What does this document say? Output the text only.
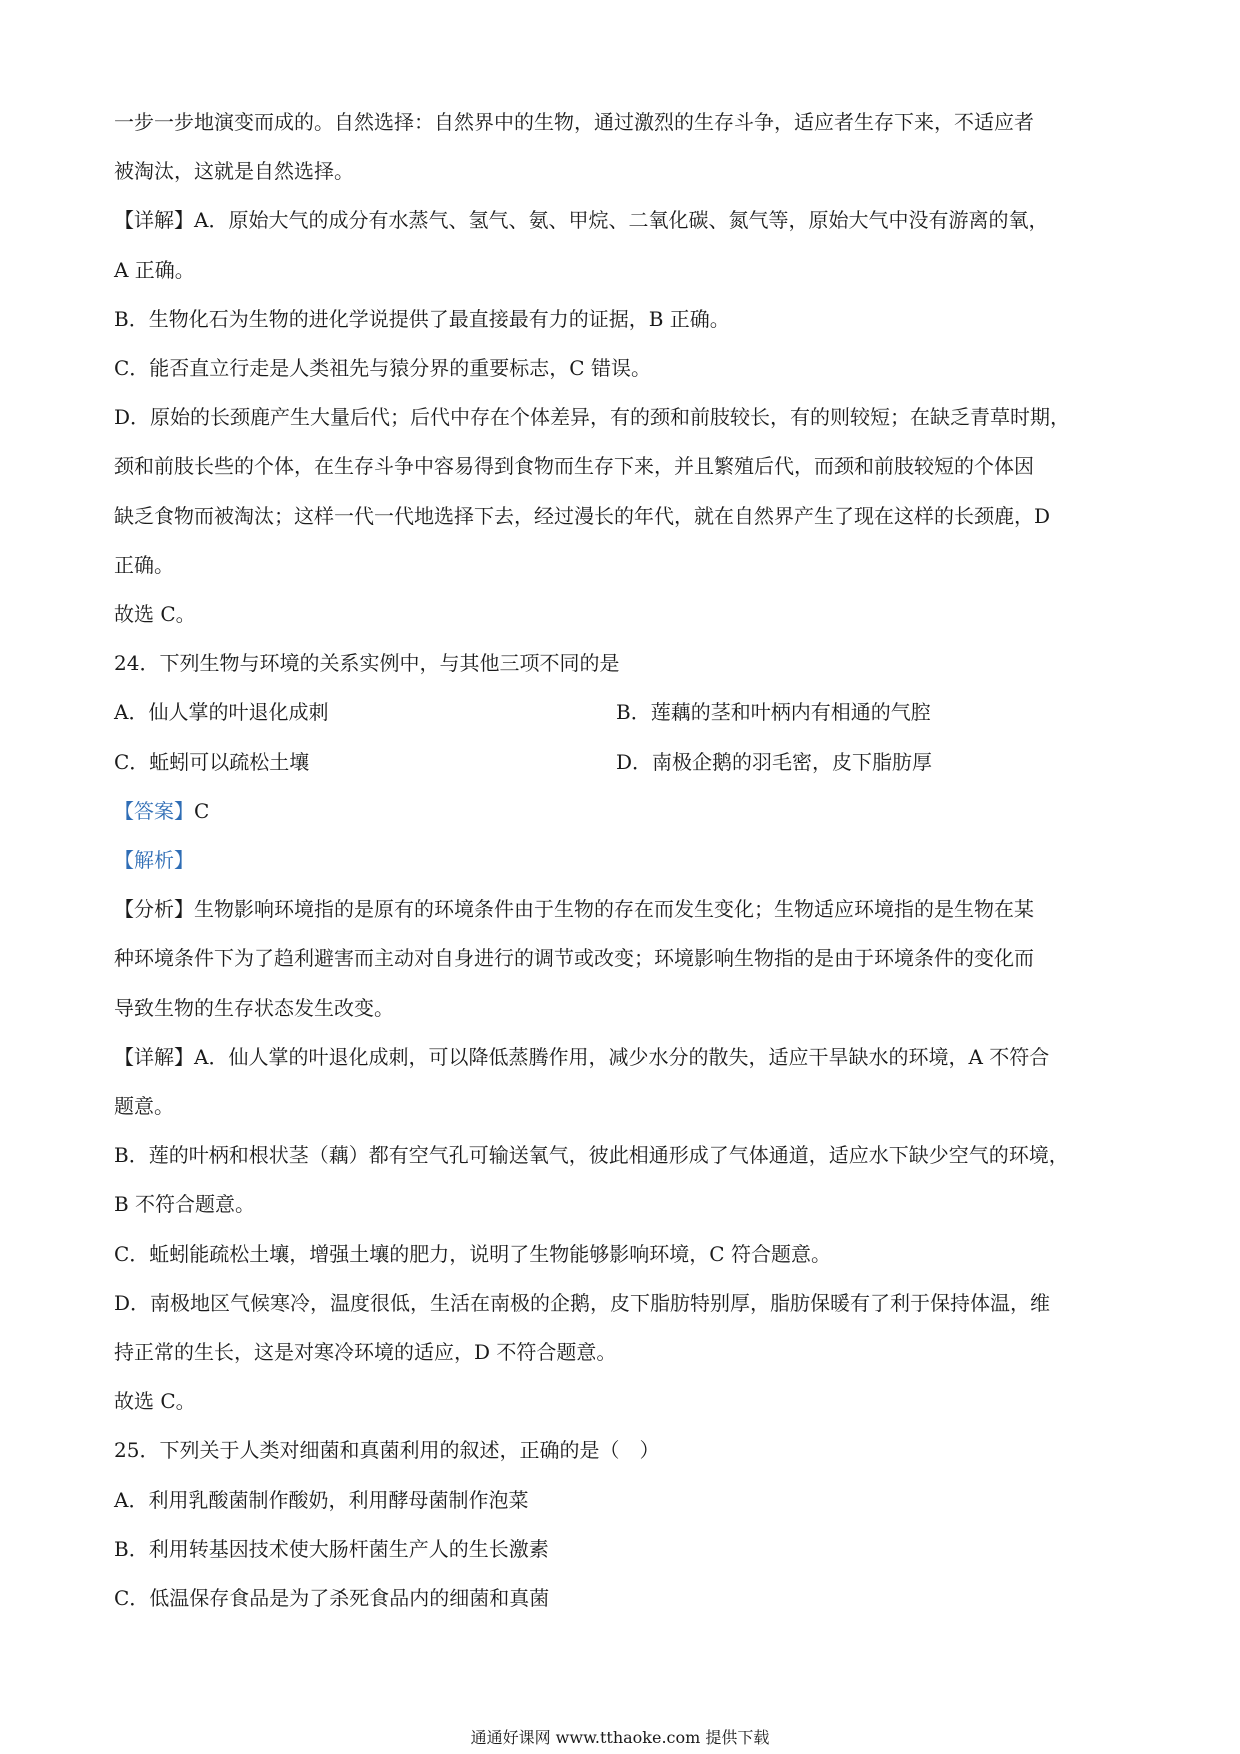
一步一步地演变而成的。自然选择：自然界中的生物，通过激烈的生存斗争，适应者生存下来，不适应者

被淘汰，这就是自然选择。

【详解】A．原始大气的成分有水蒸气、氢气、氨、甲烷、二氧化碳、氮气等，原始大气中没有游离的氧，

A 正确。

B．生物化石为生物的进化学说提供了最直接最有力的证据，B 正确。

C．能否直立行走是人类祖先与猿分界的重要标志，C 错误。

D．原始的长颈鹿产生大量后代；后代中存在个体差异，有的颈和前肢较长，有的则较短；在缺乏青草时期，

颈和前肢长些的个体，在生存斗争中容易得到食物而生存下来，并且繁殖后代，而颈和前肢较短的个体因

缺乏食物而被淘汰；这样一代一代地选择下去，经过漫长的年代，就在自然界产生了现在这样的长颈鹿，D

正确。

故选 C。

24．下列生物与环境的关系实例中，与其他三项不同的是

A．仙人掌的叶退化成刺	B．莲藕的茎和叶柄内有相通的气腔
C．蚯蚓可以疏松土壤	D．南极企鹅的羽毛密，皮下脂肪厚

【答案】C

【解析】

【分析】生物影响环境指的是原有的环境条件由于生物的存在而发生变化；生物适应环境指的是生物在某

种环境条件下为了趋利避害而主动对自身进行的调节或改变；环境影响生物指的是由于环境条件的变化而

导致生物的生存状态发生改变。

【详解】A．仙人掌的叶退化成刺，可以降低蒸腾作用，减少水分的散失，适应干旱缺水的环境，A 不符合

题意。

B．莲的叶柄和根状茎（藕）都有空气孔可输送氧气，彼此相通形成了气体通道，适应水下缺少空气的环境，

B 不符合题意。

C．蚯蚓能疏松土壤，增强土壤的肥力，说明了生物能够影响环境，C 符合题意。

D．南极地区气候寒冷，温度很低，生活在南极的企鹅，皮下脂肪特别厚，脂肪保暖有了利于保持体温，维

持正常的生长，这是对寒冷环境的适应，D 不符合题意。

故选 C。

25．下列关于人类对细菌和真菌利用的叙述，正确的是（　）

A．利用乳酸菌制作酸奶，利用酵母菌制作泡菜

B．利用转基因技术使大肠杆菌生产人的生长激素

C．低温保存食品是为了杀死食品内的细菌和真菌

通通好课网 www.tthaoke.com 提供下载
